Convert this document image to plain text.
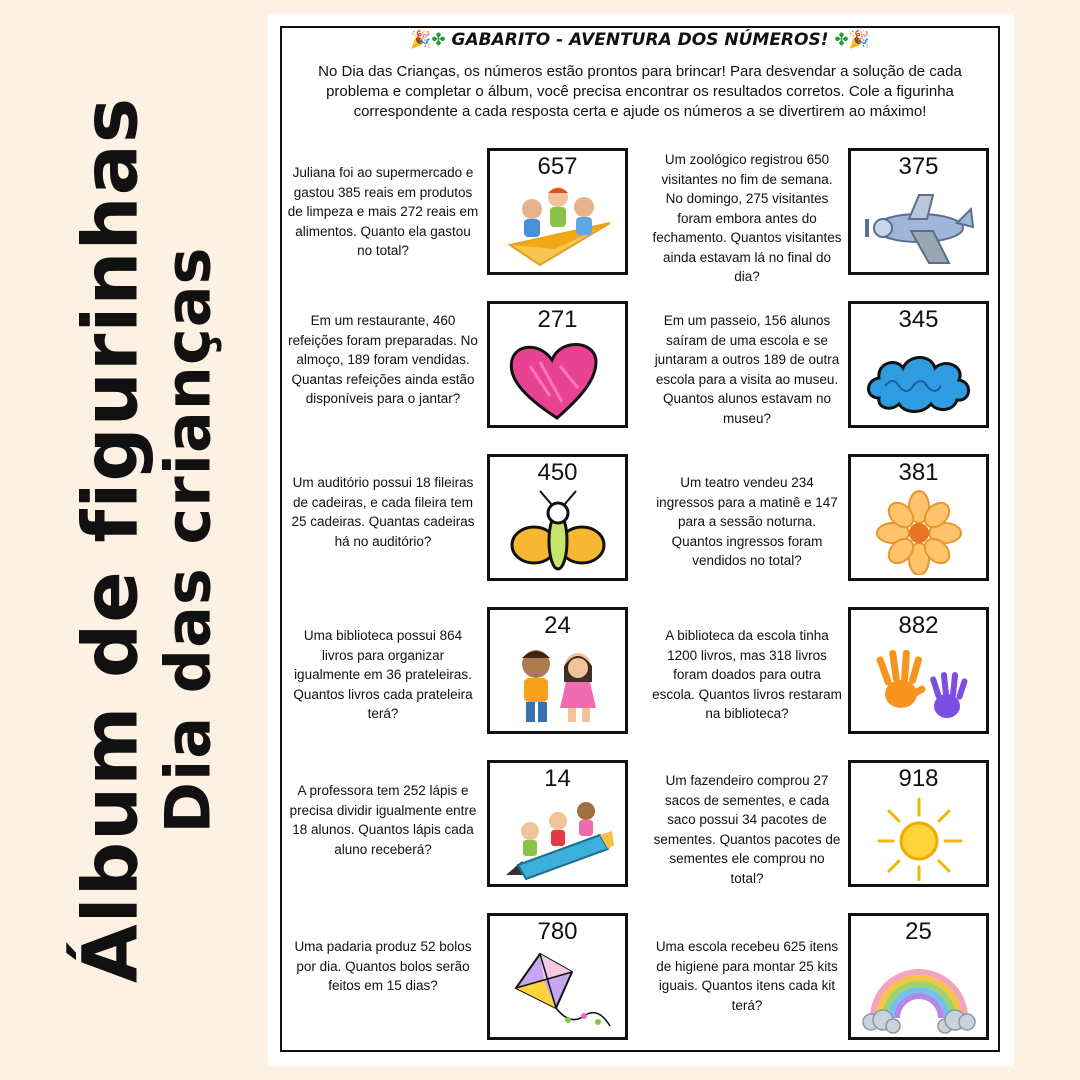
Álbum de figurinhas
Dia das crianças
🎉✤ GABARITO - AVENTURA DOS NÚMEROS! ✤🎉
No Dia das Crianças, os números estão prontos para brincar! Para desvendar a solução de cada problema e completar o álbum, você precisa encontrar os resultados corretos. Cole a figurinha correspondente a cada resposta certa e ajude os números a se divertirem ao máximo!
Juliana foi ao supermercado e gastou 385 reais em produtos de limpeza e mais 272 reais em alimentos. Quanto ela gastou no total?
657	Um zoológico registrou 650 visitantes no fim de semana. No domingo, 275 visitantes foram embora antes do fechamento. Quantos visitantes ainda estavam lá no final do dia?
375
Em um restaurante, 460 refeições foram preparadas. No almoço, 189 foram vendidas. Quantas refeições ainda estão disponíveis para o jantar?
271	Em um passeio, 156 alunos saíram de uma escola e se juntaram a outros 189 de outra escola para a visita ao museu. Quantos alunos estavam no museu?
345
Um auditório possui 18 fileiras de cadeiras, e cada fileira tem 25 cadeiras. Quantas cadeiras há no auditório?
450	Um teatro vendeu 234 ingressos para a matinê e 147 para a sessão noturna. Quantos ingressos foram vendidos no total?
381
Uma biblioteca possui 864 livros para organizar igualmente em 36 prateleiras. Quantos livros cada prateleira terá?
24	A biblioteca da escola tinha 1200 livros, mas 318 livros foram doados para outra escola. Quantos livros restaram na biblioteca?
882
A professora tem 252 lápis e precisa dividir igualmente entre 18 alunos. Quantos lápis cada aluno receberá?
14	Um fazendeiro comprou 27 sacos de sementes, e cada saco possui 34 pacotes de sementes. Quantos pacotes de sementes ele comprou no total?
918
Uma padaria produz 52 bolos por dia. Quantos bolos serão feitos em 15 dias?
780
Uma escola recebeu 625 itens de higiene para montar 25 kits iguais. Quantos itens cada kit terá?
25
